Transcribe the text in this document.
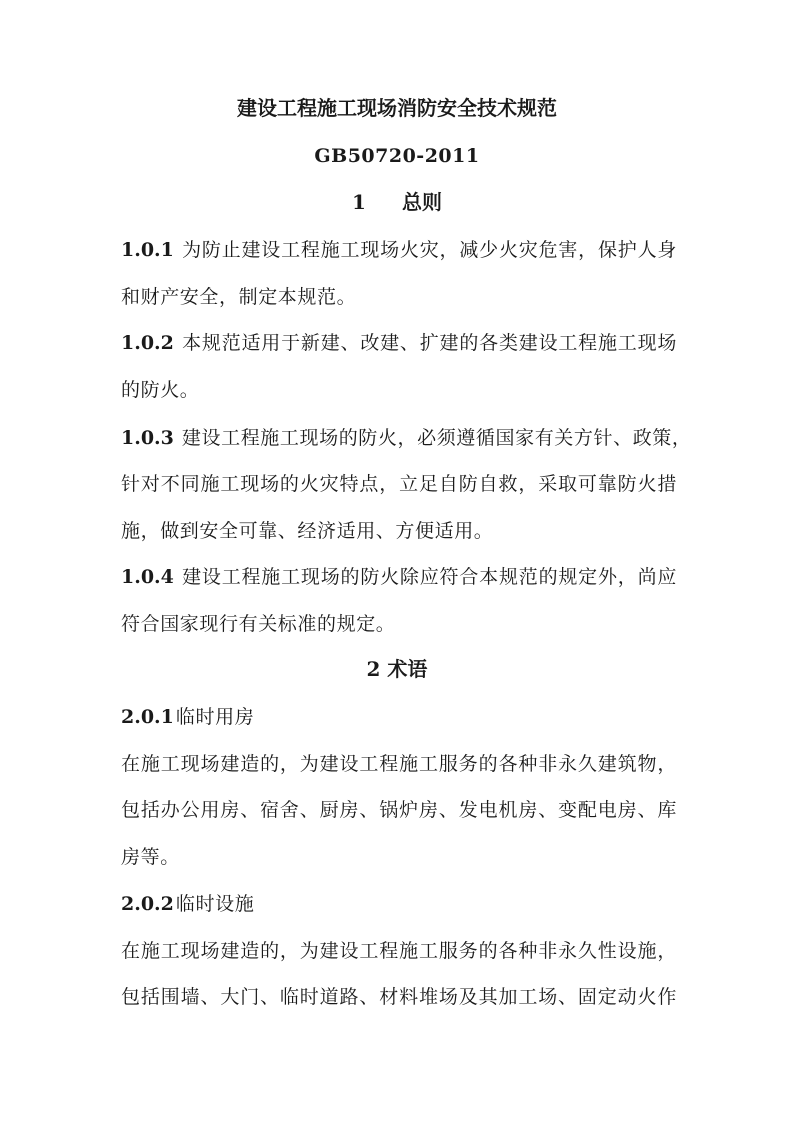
建设工程施工现场消防安全技术规范
GB50720-2011
1 总则
1.0.1 为防止建设工程施工现场火灾，减少火灾危害，保护人身
和财产安全，制定本规范。
1.0.2 本规范适用于新建、改建、扩建的各类建设工程施工现场
的防火。
1.0.3 建设工程施工现场的防火，必须遵循国家有关方针、政策，
针对不同施工现场的火灾特点，立足自防自救，采取可靠防火措
施，做到安全可靠、经济适用、方便适用。
1.0.4 建设工程施工现场的防火除应符合本规范的规定外，尚应
符合国家现行有关标准的规定。
2 术语
2.0.1 临时用房
在施工现场建造的，为建设工程施工服务的各种非永久建筑物，
包括办公用房、宿舍、厨房、锅炉房、发电机房、变配电房、库
房等。
2.0.2 临时设施
在施工现场建造的，为建设工程施工服务的各种非永久性设施，
包括围墙、大门、临时道路、材料堆场及其加工场、固定动火作
